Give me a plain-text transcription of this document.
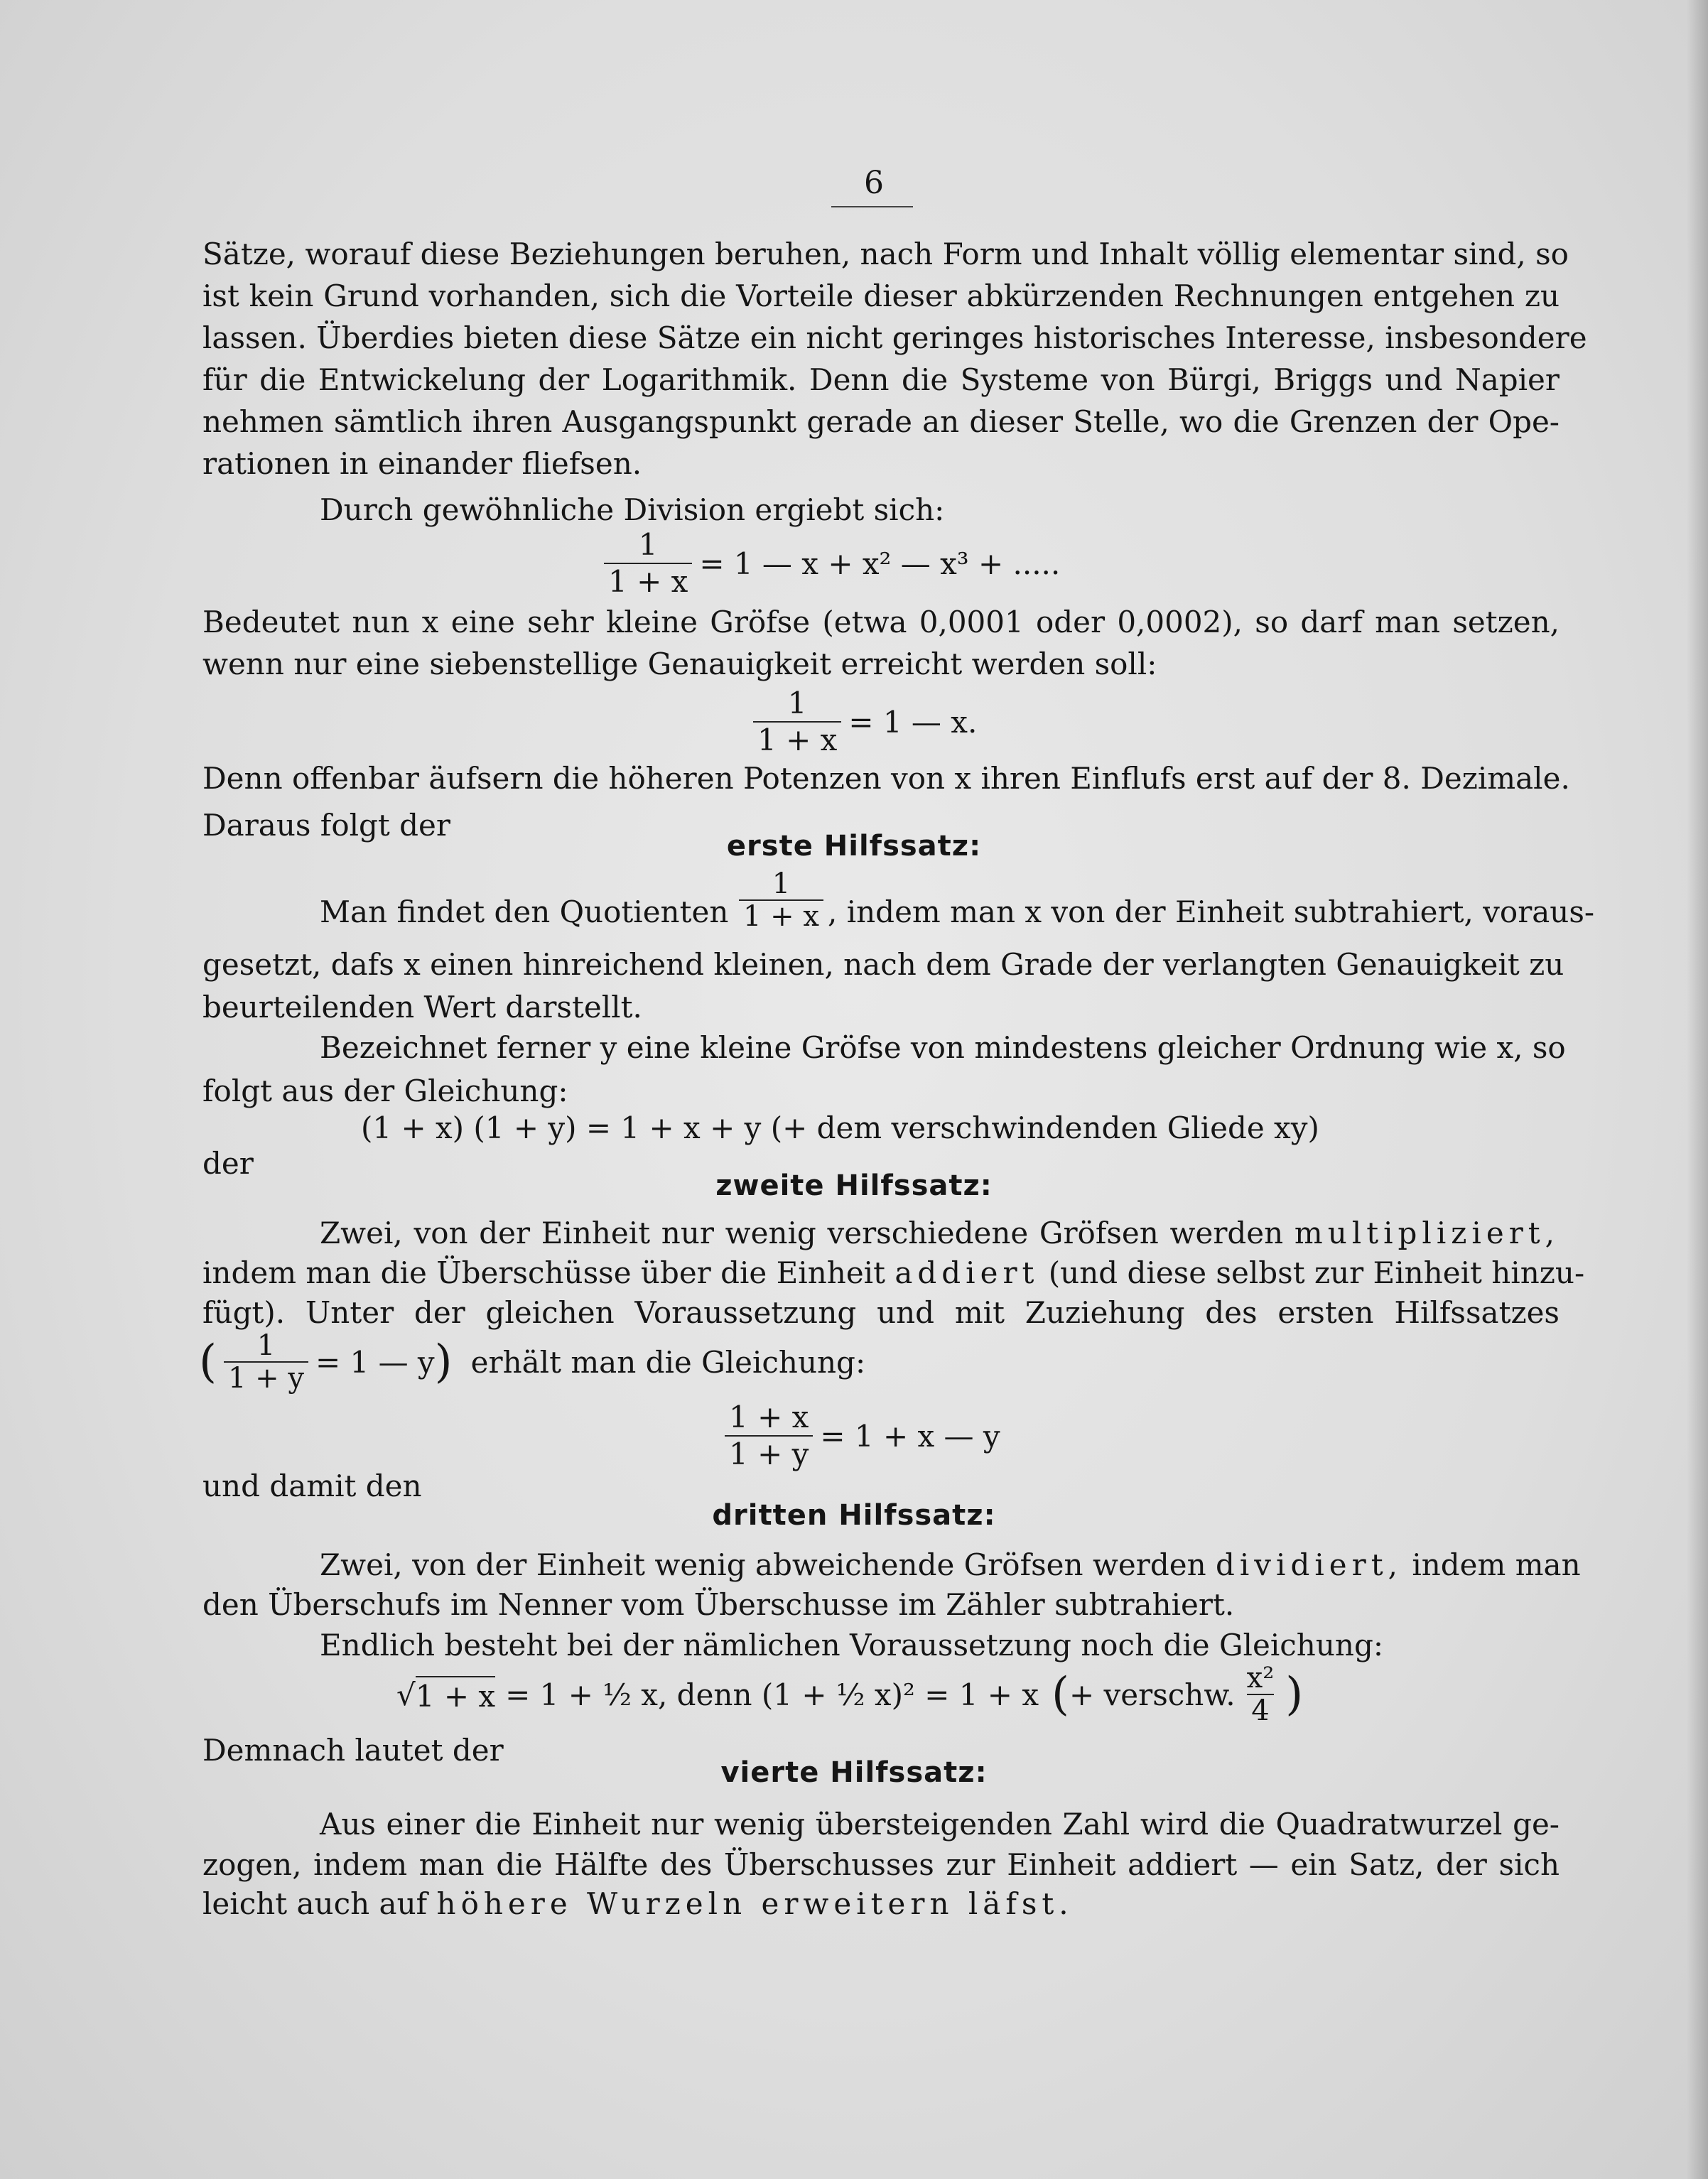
6
Sätze, worauf diese Beziehungen beruhen, nach Form und Inhalt völlig elementar sind, so
ist kein Grund vorhanden, sich die Vorteile dieser abkürzenden Rechnungen entgehen zu
lassen. Überdies bieten diese Sätze ein nicht geringes historisches Interesse, insbesondere
für die Entwickelung der Logarithmik. Denn die Systeme von Bürgi, Briggs und Napier
nehmen sämtlich ihren Ausgangspunkt gerade an dieser Stelle, wo die Grenzen der Ope-
rationen in einander fliefsen.
Durch gewöhnliche Division ergiebt sich:
$\frac{1}{1 + x} = 1$ — x + x² — x³ + .....
Bedeutet nun x eine sehr kleine Gröfse (etwa 0,0001 oder 0,0002), so darf man setzen,
wenn nur eine siebenstellige Genauigkeit erreicht werden soll:
$\frac{1}{1 + x} = 1$ — x.
Denn offenbar äufsern die höheren Potenzen von x ihren Einflufs erst auf der 8. Dezimale.
Daraus folgt der
erste Hilfssatz:
Man findet den Quotienten $\frac{1}{1 + x}$ , indem man x von der Einheit subtrahiert, voraus-
gesetzt, dafs x einen hinreichend kleinen, nach dem Grade der verlangten Genauigkeit zu
beurteilenden Wert darstellt.
Bezeichnet ferner y eine kleine Gröfse von mindestens gleicher Ordnung wie x, so
folgt aus der Gleichung:
(1 + x) (1 + y) = 1 + x + y (+ dem verschwindenden Gliede xy)
der
zweite Hilfssatz:
Zwei, von der Einheit nur wenig verschiedene Gröfsen werden multipliziert,
indem man die Überschüsse über die Einheit addiert (und diese selbst zur Einheit hinzu-
fügt). Unter der gleichen Voraussetzung und mit Zuziehung des ersten Hilfssatzes
( $\frac{1}{1 + y} = 1$ — y ) erhält man die Gleichung:
$\frac{1 + x}{1 + y} = 1 + x$ — y
und damit den
dritten Hilfssatz:
Zwei, von der Einheit wenig abweichende Gröfsen werden dividiert, indem man
den Überschufs im Nenner vom Überschusse im Zähler subtrahiert.
Endlich besteht bei der nämlichen Voraussetzung noch die Gleichung:
√ 1 + x = 1 + ½ x, denn (1 + ½ x)² = 1 + x ( + verschw. $\frac{\text{x²}}{4}$ )
Demnach lautet der
vierte Hilfssatz:
Aus einer die Einheit nur wenig übersteigenden Zahl wird die Quadratwurzel ge-
zogen, indem man die Hälfte des Überschusses zur Einheit addiert — ein Satz, der sich
leicht auch auf höhere Wurzeln erweitern läfst.
